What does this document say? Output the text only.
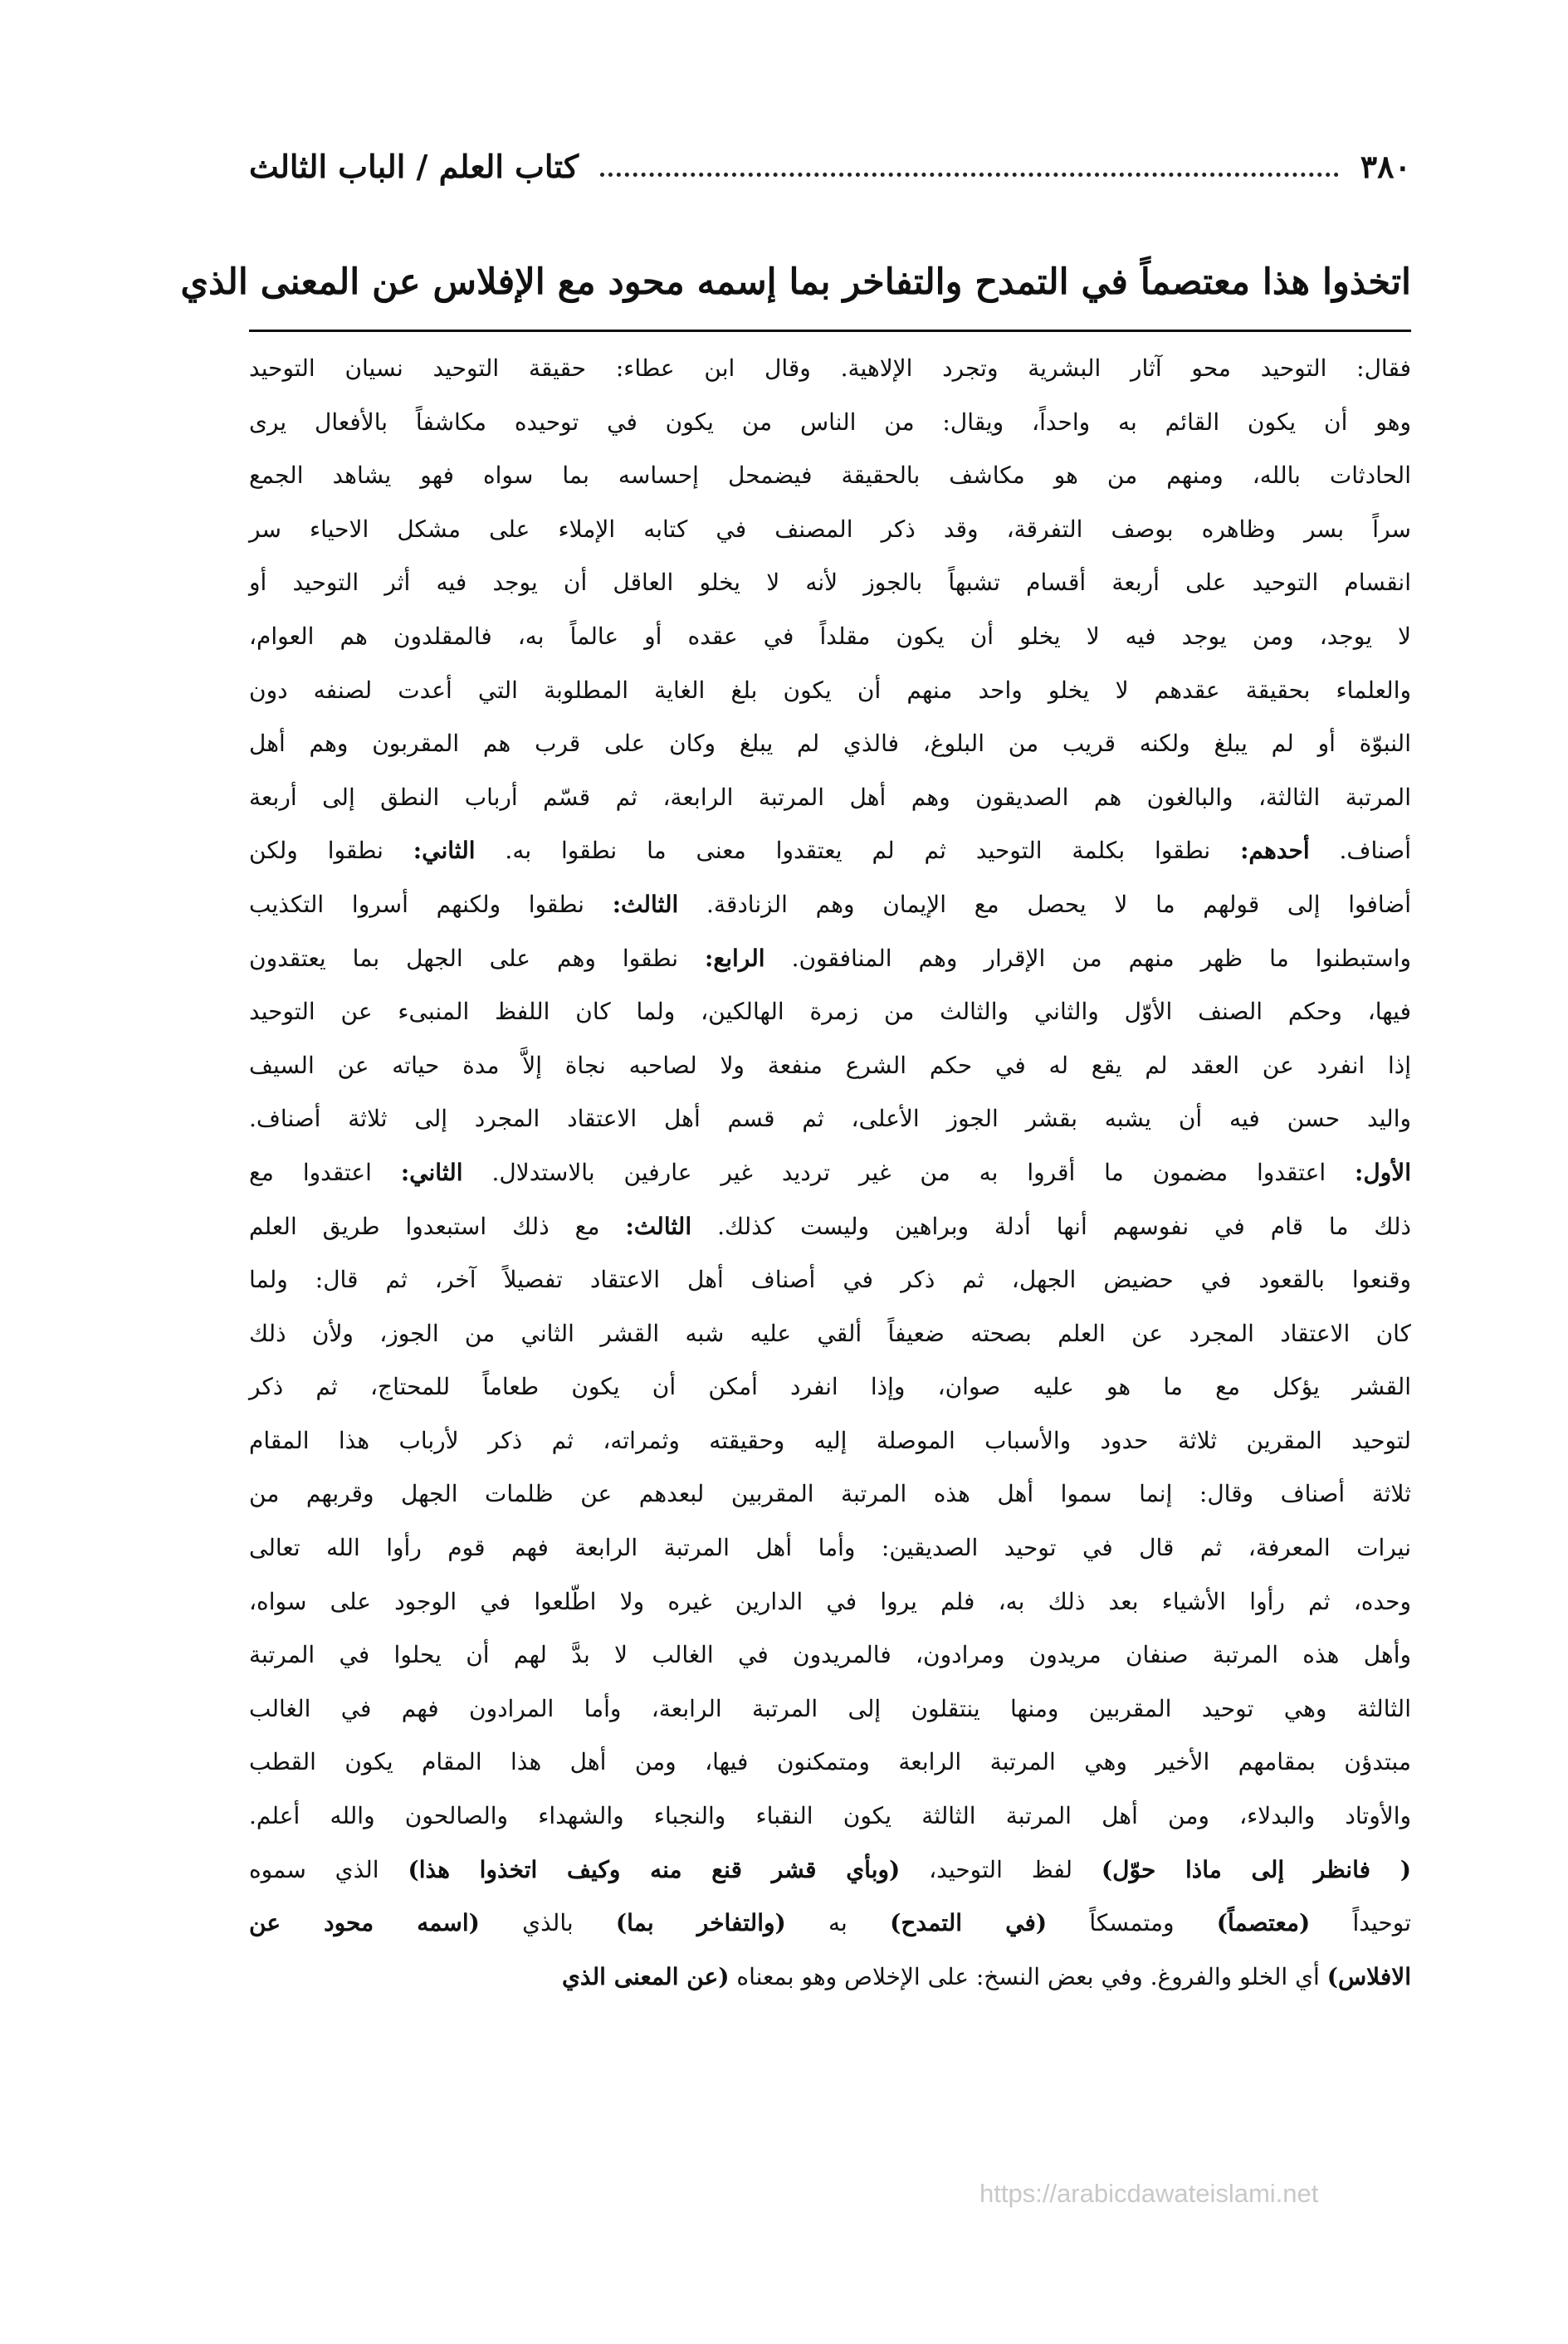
٣٨٠
كتاب العلم / الباب الثالث
اتخذوا هذا معتصماً في التمدح والتفاخر بما إسمه محود مع الإفلاس عن المعنى الذي
فقال: التوحيد محو آثار البشرية وتجرد الإلاهية. وقال ابن عطاء: حقيقة التوحيد نسيان التوحيد
وهو أن يكون القائم به واحداً، ويقال: من الناس من يكون في توحيده مكاشفاً بالأفعال يرى
الحادثات بالله، ومنهم من هو مكاشف بالحقيقة فيضمحل إحساسه بما سواه فهو يشاهد الجمع
سراً بسر وظاهره بوصف التفرقة، وقد ذكر المصنف في كتابه الإملاء على مشكل الاحياء سر
انقسام التوحيد على أربعة أقسام تشبهاً بالجوز لأنه لا يخلو العاقل أن يوجد فيه أثر التوحيد أو
لا يوجد، ومن يوجد فيه لا يخلو أن يكون مقلداً في عقده أو عالماً به، فالمقلدون هم العوام،
والعلماء بحقيقة عقدهم لا يخلو واحد منهم أن يكون بلغ الغاية المطلوبة التي أعدت لصنفه دون
النبوّة أو لم يبلغ ولكنه قريب من البلوغ، فالذي لم يبلغ وكان على قرب هم المقربون وهم أهل
المرتبة الثالثة، والبالغون هم الصديقون وهم أهل المرتبة الرابعة، ثم قسّم أرباب النطق إلى أربعة
أصناف. أحدهم: نطقوا بكلمة التوحيد ثم لم يعتقدوا معنى ما نطقوا به. الثاني: نطقوا ولكن
أضافوا إلى قولهم ما لا يحصل مع الإيمان وهم الزنادقة. الثالث: نطقوا ولكنهم أسروا التكذيب
واستبطنوا ما ظهر منهم من الإقرار وهم المنافقون. الرابع: نطقوا وهم على الجهل بما يعتقدون
فيها، وحكم الصنف الأوّل والثاني والثالث من زمرة الهالكين، ولما كان اللفظ المنبىء عن التوحيد
إذا انفرد عن العقد لم يقع له في حكم الشرع منفعة ولا لصاحبه نجاة إلاَّ مدة حياته عن السيف
واليد حسن فيه أن يشبه بقشر الجوز الأعلى، ثم قسم أهل الاعتقاد المجرد إلى ثلاثة أصناف.
الأول: اعتقدوا مضمون ما أقروا به من غير ترديد غير عارفين بالاستدلال. الثاني: اعتقدوا مع
ذلك ما قام في نفوسهم أنها أدلة وبراهين وليست كذلك. الثالث: مع ذلك استبعدوا طريق العلم
وقنعوا بالقعود في حضيض الجهل، ثم ذكر في أصناف أهل الاعتقاد تفصيلاً آخر، ثم قال: ولما
كان الاعتقاد المجرد عن العلم بصحته ضعيفاً ألقي عليه شبه القشر الثاني من الجوز، ولأن ذلك
القشر يؤكل مع ما هو عليه صوان، وإذا انفرد أمكن أن يكون طعاماً للمحتاج، ثم ذكر
لتوحيد المقرين ثلاثة حدود والأسباب الموصلة إليه وحقيقته وثمراته، ثم ذكر لأرباب هذا المقام
ثلاثة أصناف وقال: إنما سموا أهل هذه المرتبة المقربين لبعدهم عن ظلمات الجهل وقربهم من
نيرات المعرفة، ثم قال في توحيد الصديقين: وأما أهل المرتبة الرابعة فهم قوم رأوا الله تعالى
وحده، ثم رأوا الأشياء بعد ذلك به، فلم يروا في الدارين غيره ولا اطّلعوا في الوجود على سواه،
وأهل هذه المرتبة صنفان مريدون ومرادون، فالمريدون في الغالب لا بدَّ لهم أن يحلوا في المرتبة
الثالثة وهي توحيد المقربين ومنها ينتقلون إلى المرتبة الرابعة، وأما المرادون فهم في الغالب
مبتدؤن بمقامهم الأخير وهي المرتبة الرابعة ومتمكنون فيها، ومن أهل هذا المقام يكون القطب
والأوتاد والبدلاء، ومن أهل المرتبة الثالثة يكون النقباء والنجباء والشهداء والصالحون والله أعلم.
( فانظر إلى ماذا حوّل) لفظ التوحيد، (وبأي قشر قنع منه وكيف اتخذوا هذا) الذي سموه
توحيداً (معتصماً) ومتمسكاً (في التمدح) به (والتفاخر بما) بالذي (اسمه محود عن
الافلاس) أي الخلو والفروغ. وفي بعض النسخ: على الإخلاص وهو بمعناه (عن المعنى الذي
https://arabicdawateislami.net
